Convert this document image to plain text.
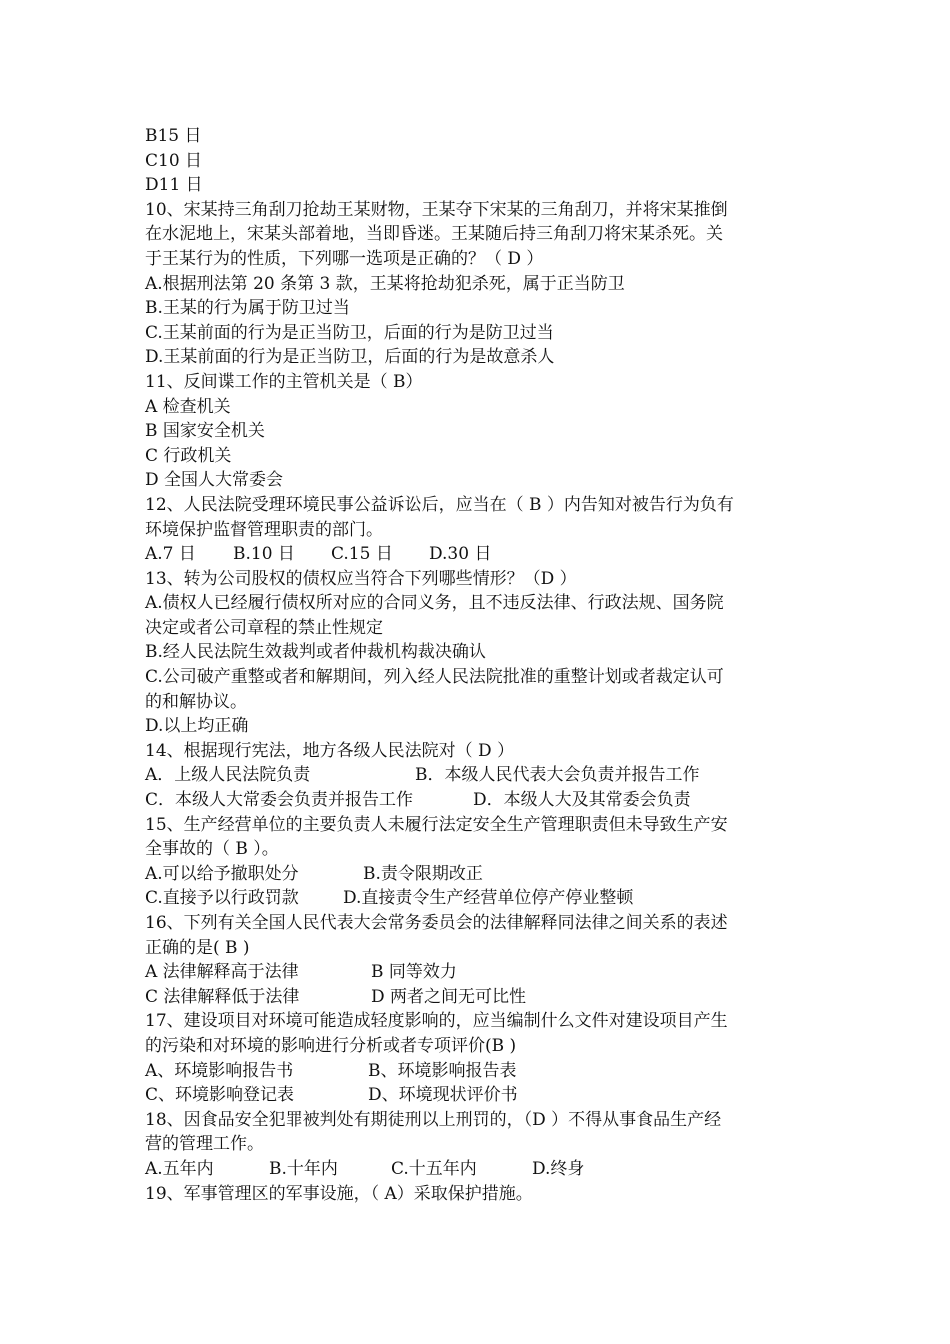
B15 日
C10 日
D11 日
10、宋某持三角刮刀抢劫王某财物，王某夺下宋某的三角刮刀，并将宋某推倒
在水泥地上，宋某头部着地，当即昏迷。王某随后持三角刮刀将宋某杀死。关
于王某行为的性质，下列哪一选项是正确的？（ D ）
A.根据刑法第 20 条第 3 款，王某将抢劫犯杀死，属于正当防卫
B.王某的行为属于防卫过当
C.王某前面的行为是正当防卫，后面的行为是防卫过当
D.王某前面的行为是正当防卫，后面的行为是故意杀人
11、反间谍工作的主管机关是（ B）
A 检查机关
B 国家安全机关
C 行政机关
D 全国人大常委会
12、人民法院受理环境民事公益诉讼后，应当在（ B ）内告知对被告行为负有
环境保护监督管理职责的部门。
A.7 日	B.10 日	C.15 日	D.30 日
13、转为公司股权的债权应当符合下列哪些情形？（D ）
A.债权人已经履行债权所对应的合同义务，且不违反法律、行政法规、国务院
决定或者公司章程的禁止性规定
B.经人民法院生效裁判或者仲裁机构裁决确认
C.公司破产重整或者和解期间，列入经人民法院批准的重整计划或者裁定认可
的和解协议。
D.以上均正确
14、根据现行宪法，地方各级人民法院对（ D ）
A．上级人民法院负责	B．本级人民代表大会负责并报告工作
C．本级人大常委会负责并报告工作	D．本级人大及其常委会负责
15、生产经营单位的主要负责人未履行法定安全生产管理职责但未导致生产安
全事故的（ B ）。
A.可以给予撤职处分	B.责令限期改正
C.直接予以行政罚款	D.直接责令生产经营单位停产停业整顿
16、下列有关全国人民代表大会常务委员会的法律解释同法律之间关系的表述
正确的是( B )
A 法律解释高于法律	B 同等效力
C 法律解释低于法律	D 两者之间无可比性
17、建设项目对环境可能造成轻度影响的，应当编制什么文件对建设项目产生
的污染和对环境的影响进行分析或者专项评价(B )
A、环境影响报告书	B、环境影响报告表
C、环境影响登记表	D、环境现状评价书
18、因食品安全犯罪被判处有期徒刑以上刑罚的，（D ）不得从事食品生产经
营的管理工作。
A.五年内	B.十年内	C.十五年内	D.终身
19、军事管理区的军事设施，（ A）采取保护措施。
